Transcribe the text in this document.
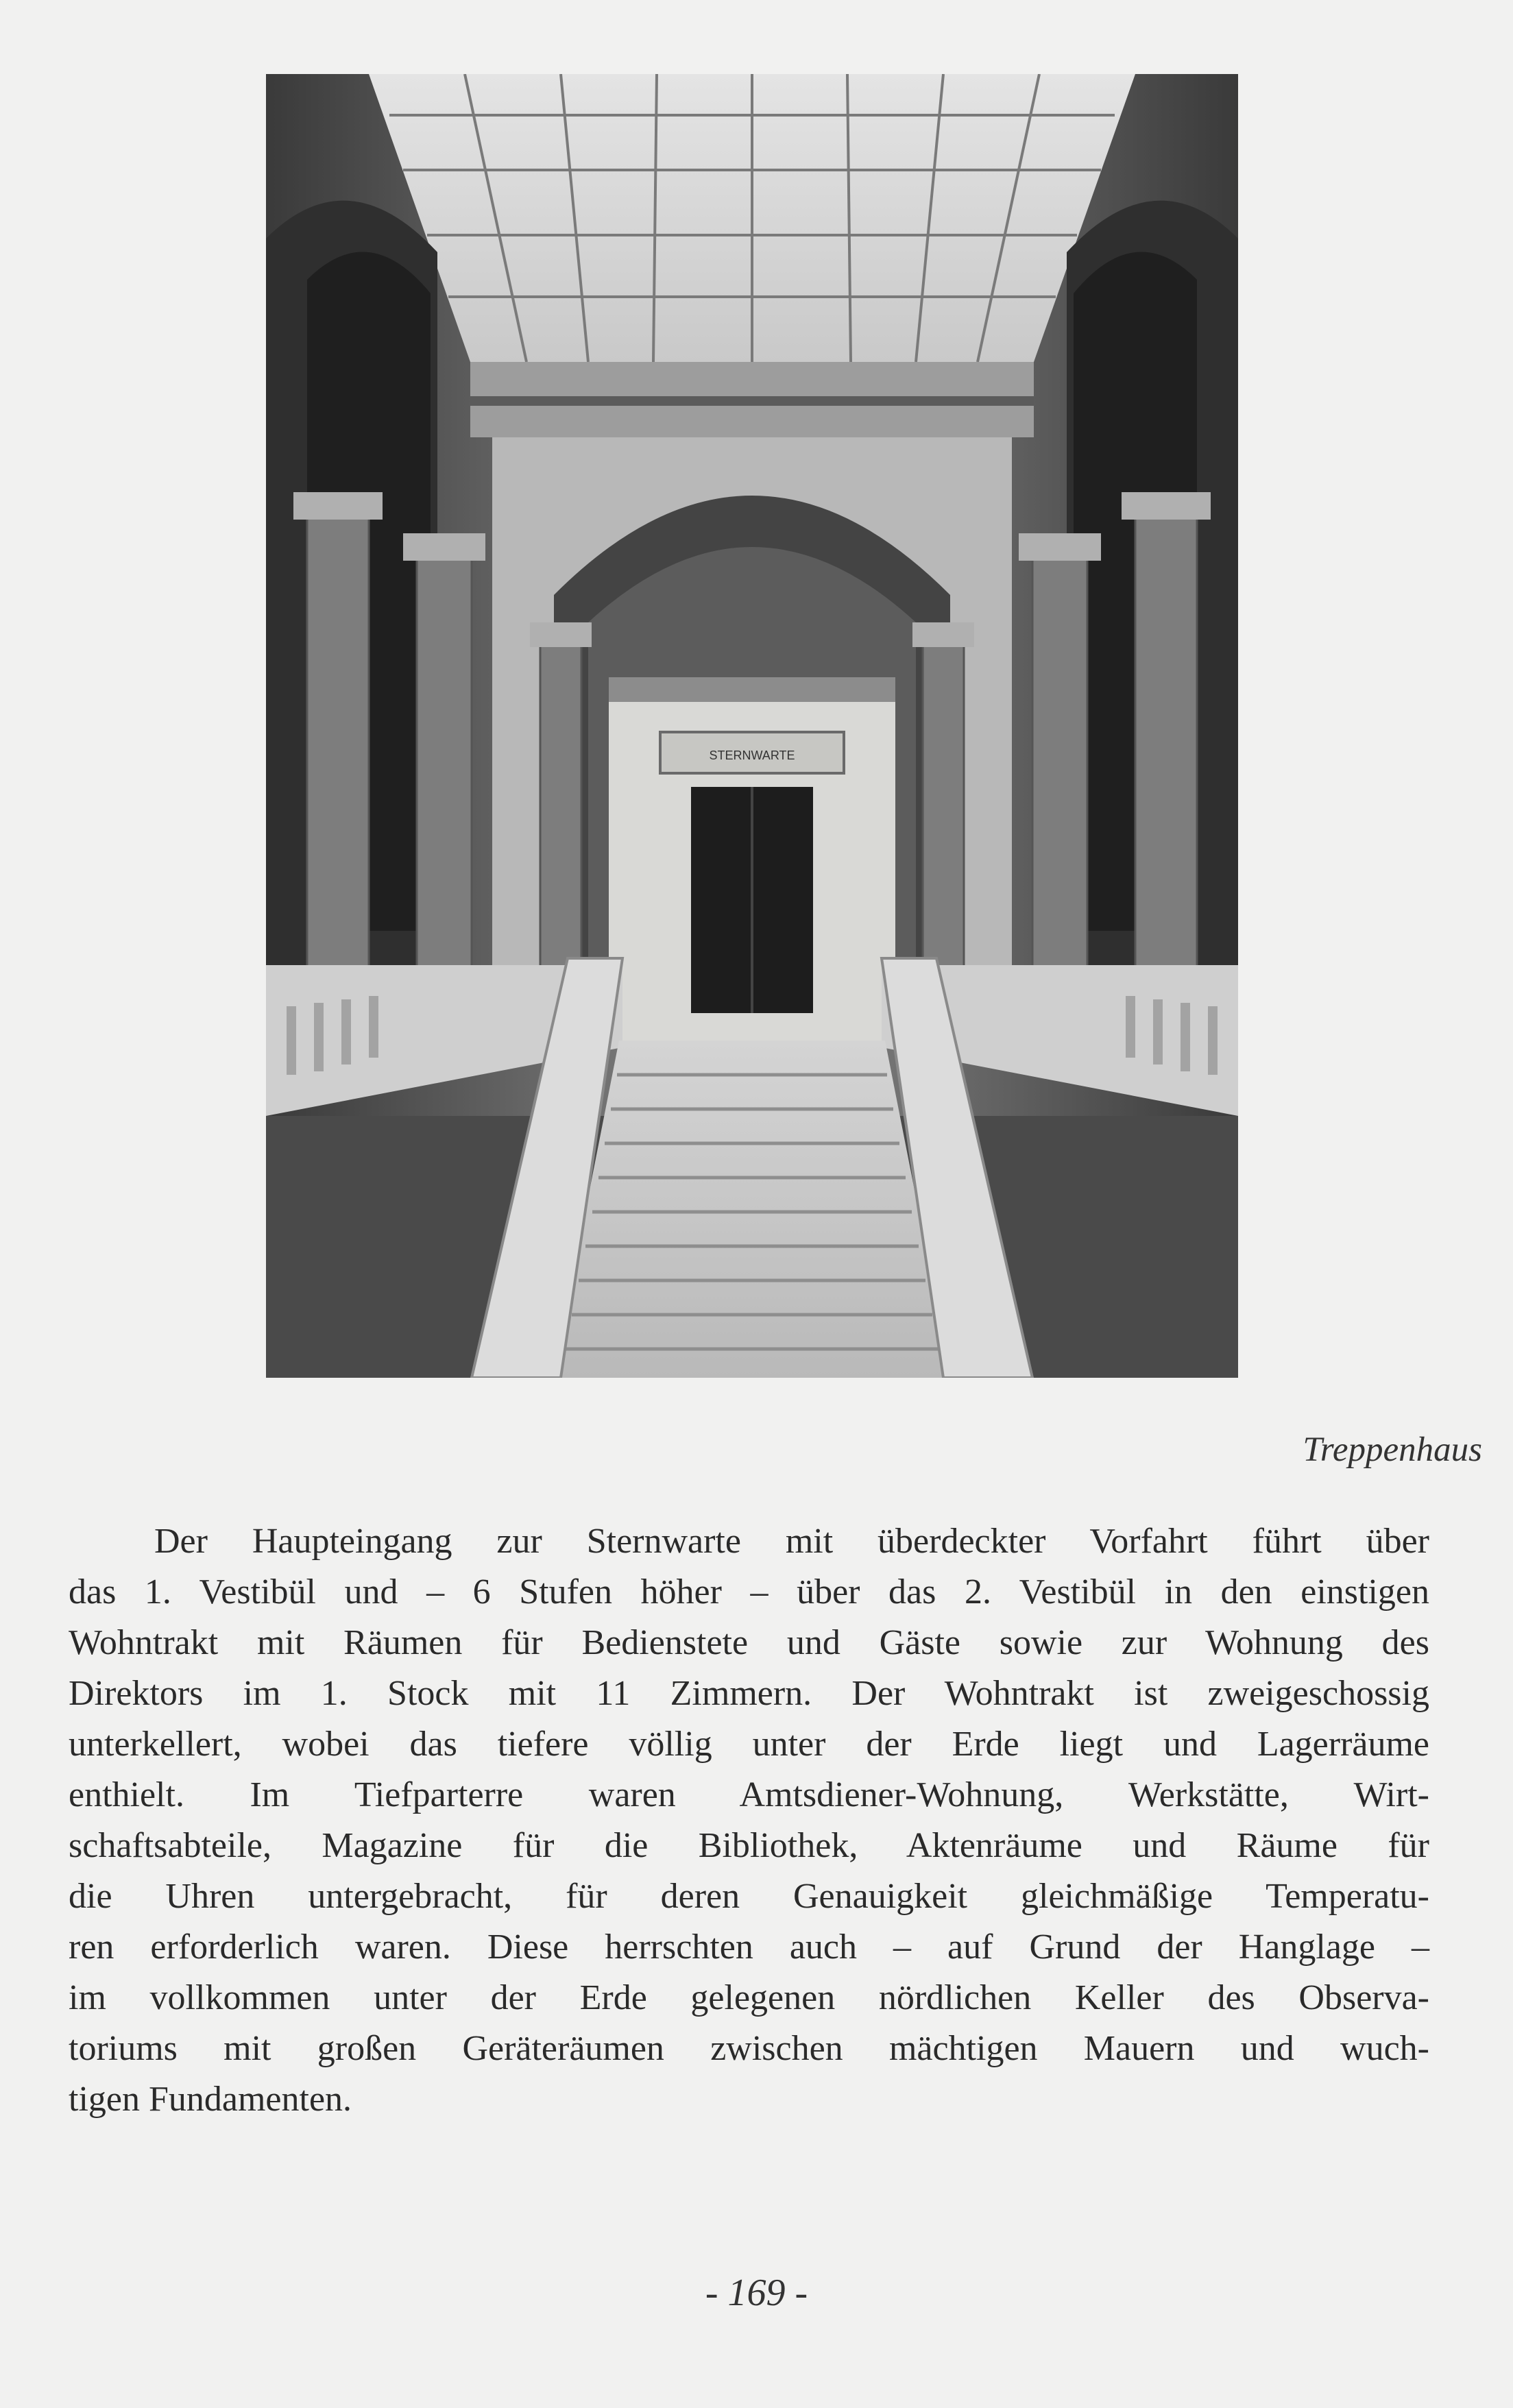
STERNWARTE

Treppenhaus

Der Haupteingang zur Sternwarte mit überdeckter Vorfahrt führt über
das 1. Vestibül und – 6 Stufen höher – über das 2. Vestibül in den einstigen
Wohntrakt mit Räumen für Bedienstete und Gäste sowie zur Wohnung des
Direktors im 1. Stock mit 11 Zimmern. Der Wohntrakt ist zweigeschossig
unterkellert, wobei das tiefere völlig unter der Erde liegt und Lagerräume
enthielt. Im Tiefparterre waren Amtsdiener-Wohnung, Werkstätte, Wirt-
schaftsabteile, Magazine für die Bibliothek, Aktenräume und Räume für
die Uhren untergebracht, für deren Genauigkeit gleichmäßige Temperatu-
ren erforderlich waren. Diese herrschten auch – auf Grund der Hanglage –
im vollkommen unter der Erde gelegenen nördlichen Keller des Observa-
toriums mit großen Geräteräumen zwischen mächtigen Mauern und wuch-
tigen Fundamenten.

- 169 -
